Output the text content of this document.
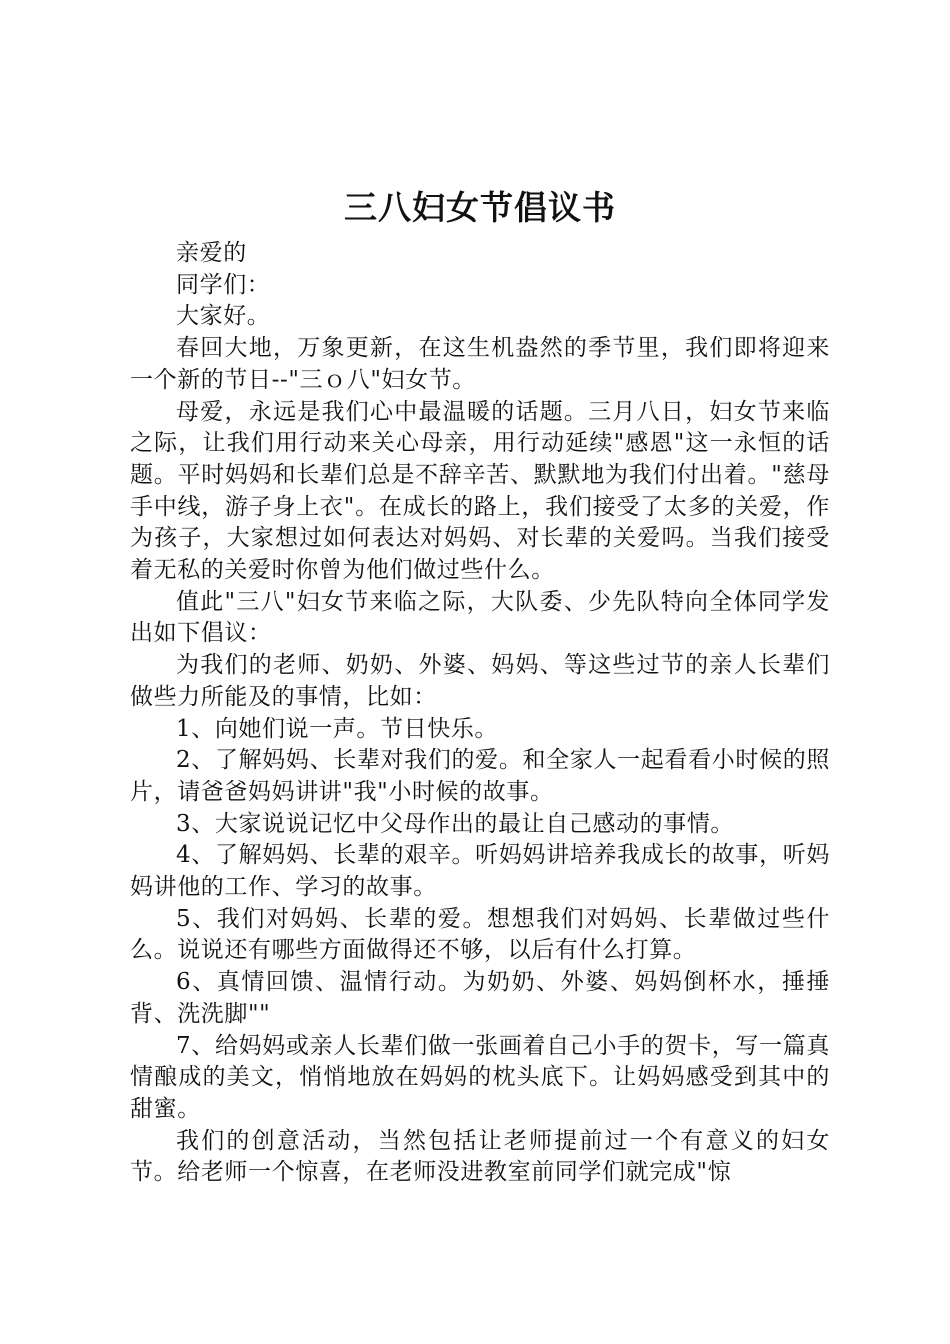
三八妇女节倡议书

亲爱的

同学们：

大家好。

春回大地，万象更新，在这生机盎然的季节里，我们即将迎来一个新的节日--"三ｏ八"妇女节。

母爱，永远是我们心中最温暖的话题。三月八日，妇女节来临之际，让我们用行动来关心母亲，用行动延续"感恩"这一永恒的话题。平时妈妈和长辈们总是不辞辛苦、默默地为我们付出着。"慈母手中线，游子身上衣"。在成长的路上，我们接受了太多的关爱，作为孩子，大家想过如何表达对妈妈、对长辈的关爱吗。当我们接受着无私的关爱时你曾为他们做过些什么。

值此"三八"妇女节来临之际，大队委、少先队特向全体同学发出如下倡议：

为我们的老师、奶奶、外婆、妈妈、等这些过节的亲人长辈们做些力所能及的事情，比如：

1、向她们说一声。节日快乐。

2、了解妈妈、长辈对我们的爱。和全家人一起看看小时候的照片，请爸爸妈妈讲讲"我"小时候的故事。

3、大家说说记忆中父母作出的最让自己感动的事情。

4、了解妈妈、长辈的艰辛。听妈妈讲培养我成长的故事，听妈妈讲他的工作、学习的故事。

5、我们对妈妈、长辈的爱。想想我们对妈妈、长辈做过些什么。说说还有哪些方面做得还不够，以后有什么打算。

6、真情回馈、温情行动。为奶奶、外婆、妈妈倒杯水，捶捶背、洗洗脚""

7、给妈妈或亲人长辈们做一张画着自己小手的贺卡，写一篇真情酿成的美文，悄悄地放在妈妈的枕头底下。让妈妈感受到其中的甜蜜。

我们的创意活动，当然包括让老师提前过一个有意义的妇女节。给老师一个惊喜，在老师没进教室前同学们就完成"惊
